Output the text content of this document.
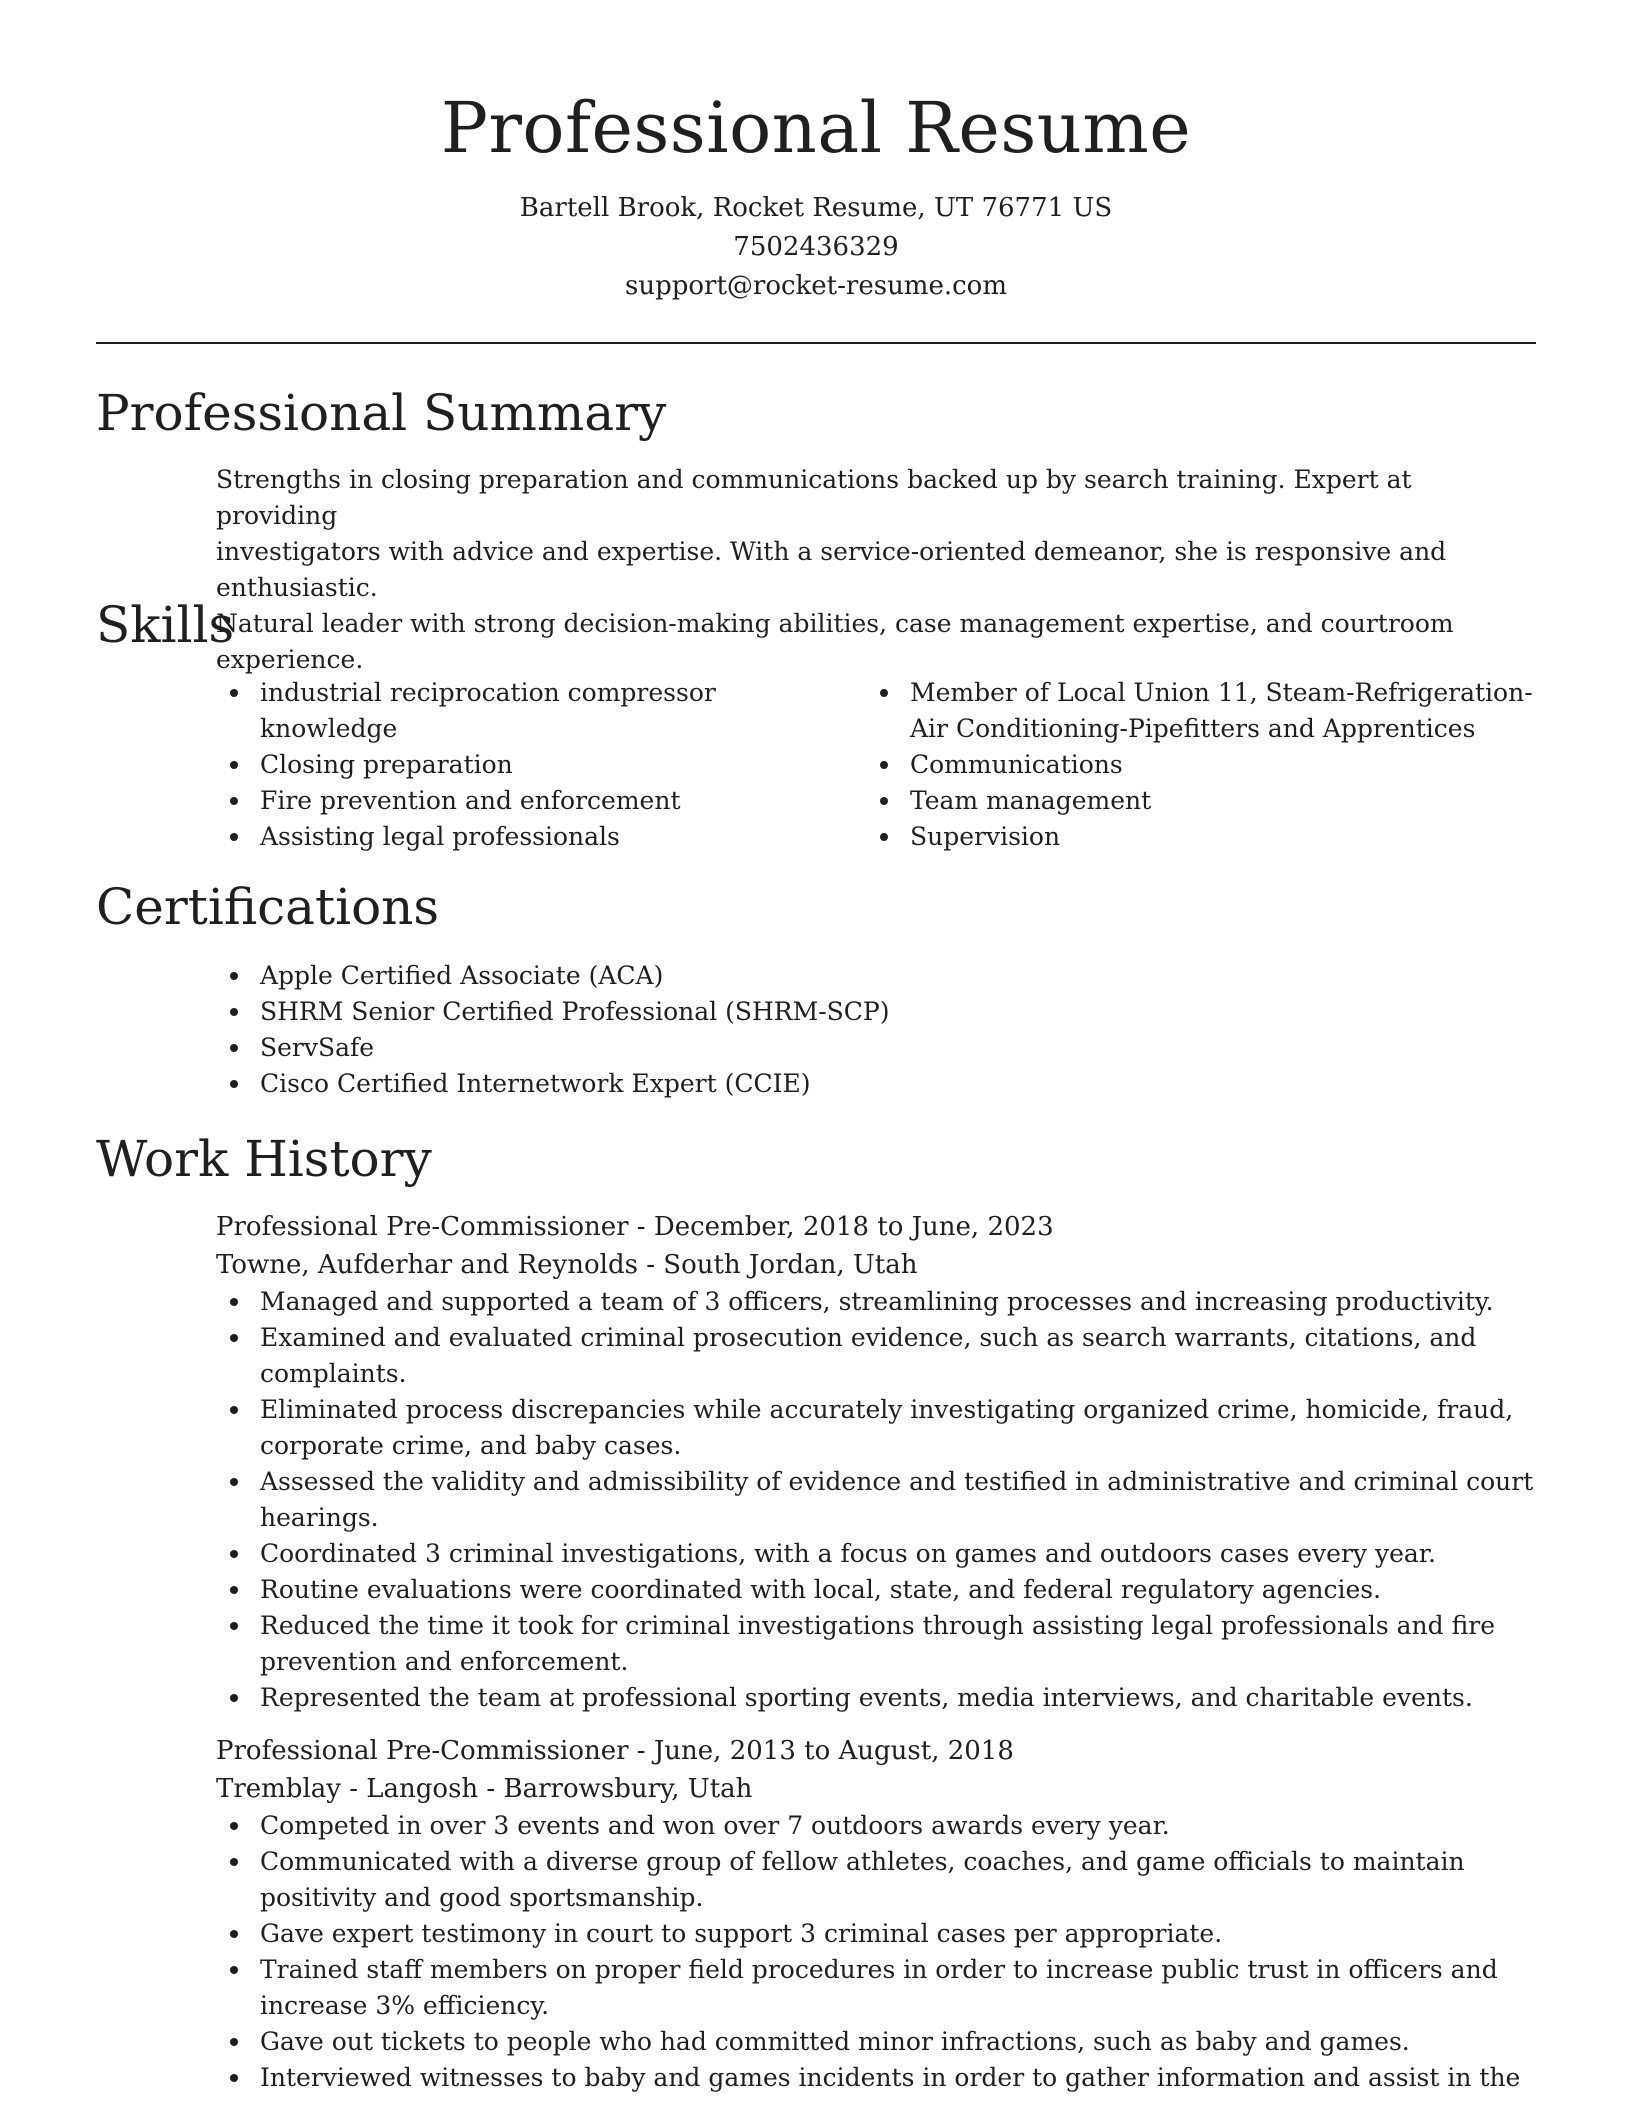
Professional Resume
Bartell Brook, Rocket Resume, UT 76771 US
7502436329
support@rocket-resume.com
Professional Summary
Strengths in closing preparation and communications backed up by search training. Expert at providing
investigators with advice and expertise. With a service-oriented demeanor, she is responsive and enthusiastic.
Natural leader with strong decision-making abilities, case management expertise, and courtroom experience.
Skills
industrial reciprocation compressor knowledge
Closing preparation
Fire prevention and enforcement
Assisting legal professionals
Member of Local Union 11, Steam-Refrigeration-Air Conditioning-Pipefitters and Apprentices
Communications
Team management
Supervision
Certifications
Apple Certified Associate (ACA)
SHRM Senior Certified Professional (SHRM-SCP)
ServSafe
Cisco Certified Internetwork Expert (CCIE)
Work History
Professional Pre-Commissioner - December, 2018 to June, 2023
Towne, Aufderhar and Reynolds - South Jordan, Utah
Managed and supported a team of 3 officers, streamlining processes and increasing productivity.
Examined and evaluated criminal prosecution evidence, such as search warrants, citations, and complaints.
Eliminated process discrepancies while accurately investigating organized crime, homicide, fraud, corporate crime, and baby cases.
Assessed the validity and admissibility of evidence and testified in administrative and criminal court hearings.
Coordinated 3 criminal investigations, with a focus on games and outdoors cases every year.
Routine evaluations were coordinated with local, state, and federal regulatory agencies.
Reduced the time it took for criminal investigations through assisting legal professionals and fire prevention and enforcement.
Represented the team at professional sporting events, media interviews, and charitable events.
Professional Pre-Commissioner - June, 2013 to August, 2018
Tremblay - Langosh - Barrowsbury, Utah
Competed in over 3 events and won over 7 outdoors awards every year.
Communicated with a diverse group of fellow athletes, coaches, and game officials to maintain positivity and good sportsmanship.
Gave expert testimony in court to support 3 criminal cases per appropriate.
Trained staff members on proper field procedures in order to increase public trust in officers and increase 3% efficiency.
Gave out tickets to people who had committed minor infractions, such as baby and games.
Interviewed witnesses to baby and games incidents in order to gather information and assist in the
